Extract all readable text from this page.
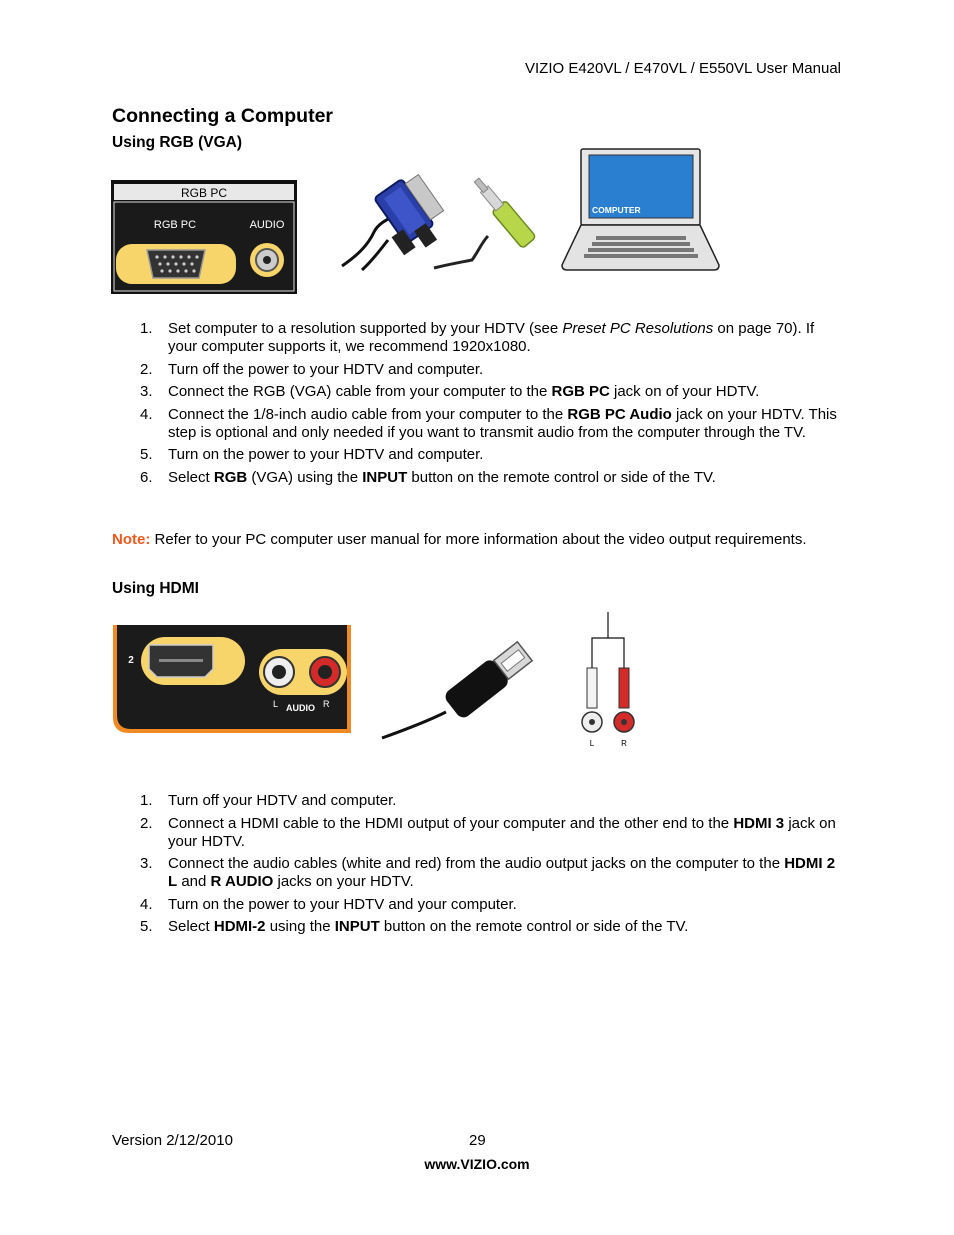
VIZIO E420VL / E470VL / E550VL User Manual
Connecting a Computer
Using RGB (VGA)
RGB PC
RGB PC	AUDIO
COMPUTER
1. Set computer to a resolution supported by your HDTV (see Preset PC Resolutions on page 70). If your computer supports it, we recommend 1920x1080.
2. Turn off the power to your HDTV and computer.
3. Connect the RGB (VGA) cable from your computer to the RGB PC jack on of your HDTV.
4. Connect the 1/8-inch audio cable from your computer to the RGB PC Audio jack on your HDTV. This step is optional and only needed if you want to transmit audio from the computer through the TV.
5. Turn on the power to your HDTV and computer.
6. Select RGB (VGA) using the INPUT button on the remote control or side of the TV.
Note: Refer to your PC computer user manual for more information about the video output requirements.
Using HDMI
2
L AUDIO R
L	R
1. Turn off your HDTV and computer.
2. Connect a HDMI cable to the HDMI output of your computer and the other end to the HDMI 3 jack on your HDTV.
3. Connect the audio cables (white and red) from the audio output jacks on the computer to the HDMI 2 L and R AUDIO jacks on your HDTV.
4. Turn on the power to your HDTV and your computer.
5. Select HDMI-2 using the INPUT button on the remote control or side of the TV.
Version 2/12/2010	29
www.VIZIO.com
